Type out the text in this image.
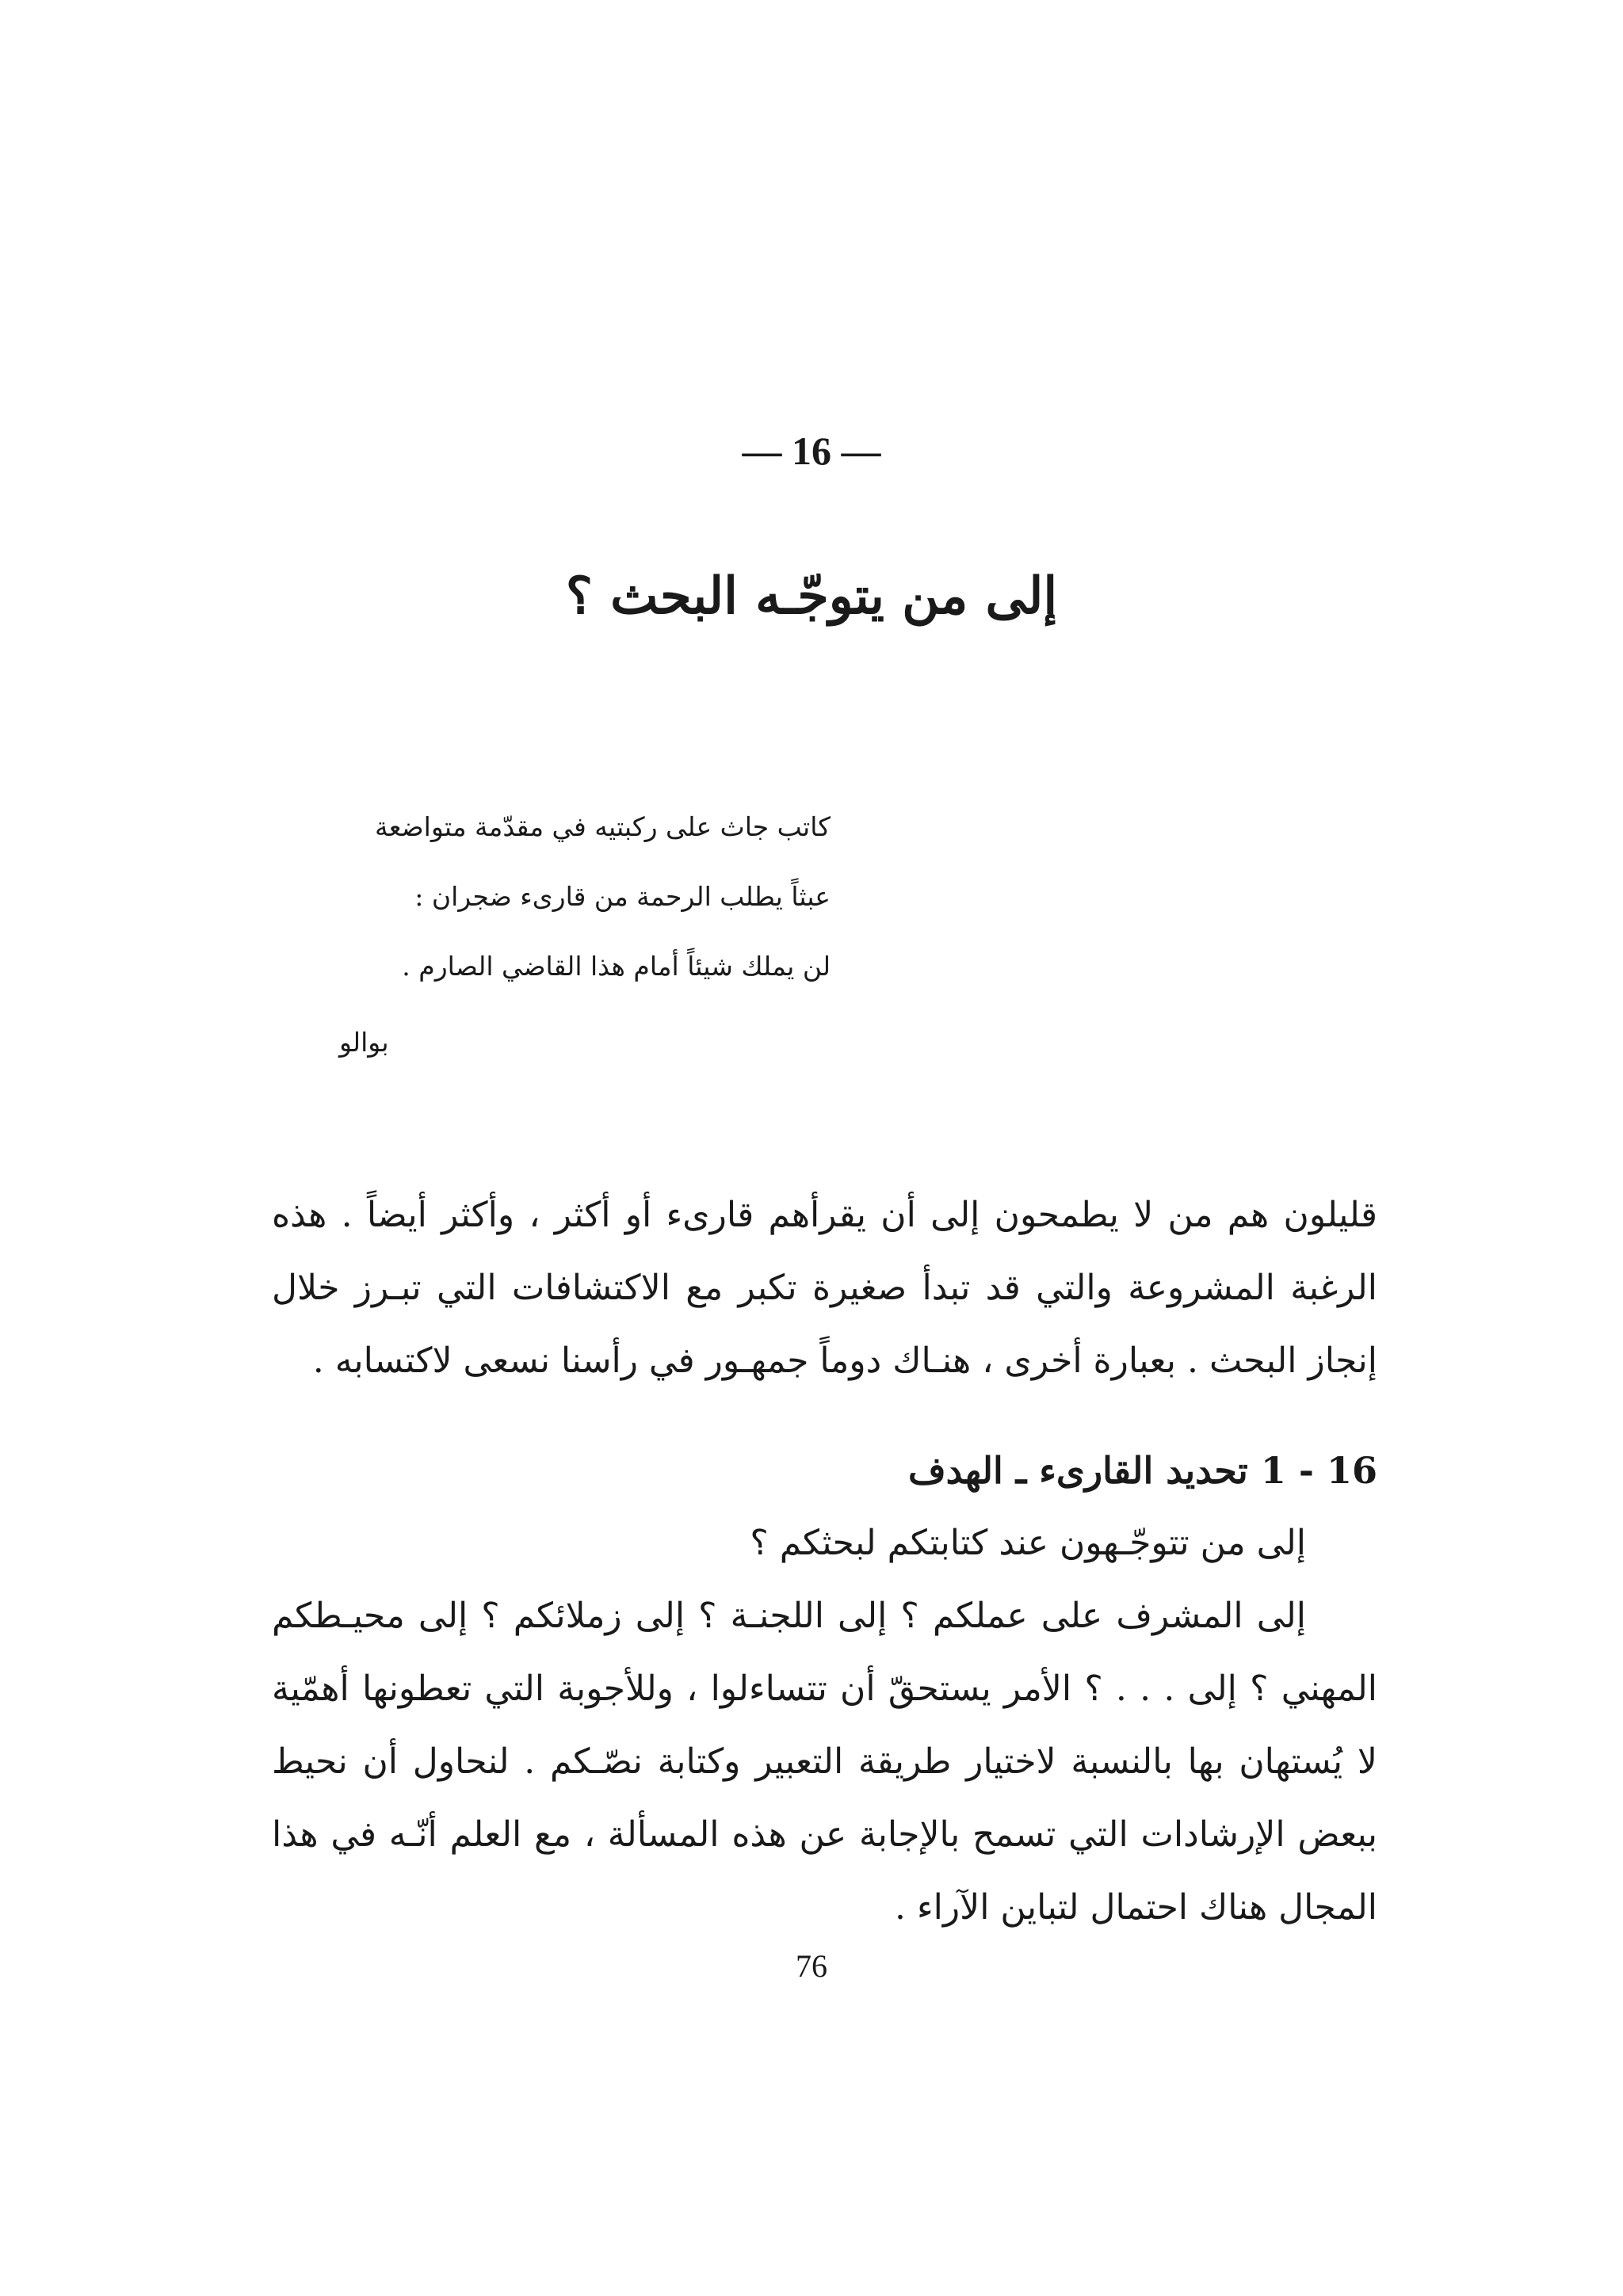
— 16 —
إلى من يتوجّـه البحث ؟
كاتب جاث على ركبتيه في مقدّمة متواضعة
عبثاً يطلب الرحمة من قارىء ضجران :
لن يملك شيئاً أمام هذا القاضي الصارم .
بوالو

قليلون هم من لا يطمحون إلى أن يقرأهم قارىء أو أكثر ، وأكثر أيضاً . هذه الرغبة المشروعة والتي قد تبدأ صغيرة تكبر مع الاكتشافات التي تبـرز خلال إنجاز البحث . بعبارة أخرى ، هنـاك دوماً جمهـور في رأسنا نسعى لاكتسابه .

16 - 1 تحديد القارىء ـ الهدف

إلى من تتوجّـهون عند كتابتكم لبحثكم ؟

إلى المشرف على عملكم ؟ إلى اللجنـة ؟ إلى زملائكم ؟ إلى محيـطكم المهني ؟ إلى . . . ؟ الأمر يستحقّ أن تتساءلوا ، وللأجوبة التي تعطونها أهمّية لا يُستهان بها بالنسبة لاختيار طريقة التعبير وكتابة نصّـكم . لنحاول أن نحيط ببعض الإرشادات التي تسمح بالإجابة عن هذه المسألة ، مع العلم أنّـه في هذا المجال هناك احتمال لتباين الآراء .

76
